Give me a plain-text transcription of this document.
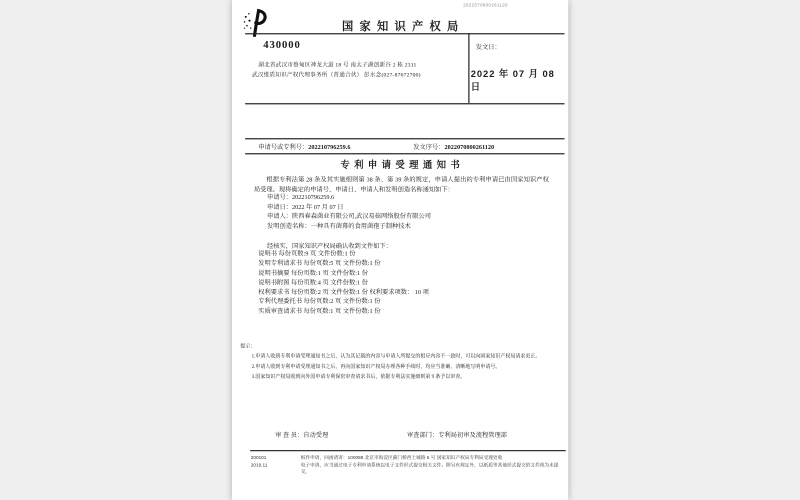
2022070800261120
国家知识产权局
发文日：
2022 年 07 月 08 日
430000
湖北省武汉市蔡甸区神龙大道 18 号 南太子湖创新谷 2 栋 2311
武汉维盾知识产权代理事务所（普通合伙） 彭水念(027-87672700)
申请号或专利号：202210796259.6	发文序号：2022070800261120
专利申请受理通知书
根据专利法第 28 条及其实施细则第 38 条、第 39 条的规定，申请人提出的专利申请已由国家知识产权局受理。现将确定的申请号、申请日、申请人和发明创造名称通知如下：
申请号：202210796259.6
申请日：2022 年 07 月 07 日
申请人：陕西春森菌业有限公司,武汉易菇网络股份有限公司
发明创造名称：一种具有菌幕的食用菌孢子制种技术
经核实，国家知识产权局确认收到文件如下：
说明书 每份页数:9 页 文件份数:1 份
发明专利请求书 每份页数:5 页 文件份数:1 份
说明书摘要 每份页数:1 页 文件份数:1 份
说明书附图 每份页数:4 页 文件份数:1 份
权利要求书 每份页数:2 页 文件份数:1 份 权利要求项数： 10 项
专利代理委托书 每份页数:2 页 文件份数:1 份
实质审查请求书 每份页数:1 页 文件份数:1 份
提示：

1.申请人收到专利申请受理通知书之后，认为其记载的内容与申请人所提交的相应内容不一致时，可以向国家知识产权局请求更正。

2.申请人收到专利申请受理通知书之后，再向国家知识产权局办理各种手续时，均应当准确、清晰地写明申请号。

3.国家知识产权局收到向外国申请专利保密审查请求书后，依据专利法实施细则第 9 条予以审查。

审 查 员：自动受理	审查部门：专利局初审及流程管理部
200101	纸件申请，回函请寄：100088 北京市海淀区蓟门桥西土城路 6 号 国家知识产权局专利局受理处收
2019.11	电子申请，应当通过电子专利申请系统以电子文件形式提交相关文件。除另有规定外，以纸质等其他形式提交的文件视为未提交。
